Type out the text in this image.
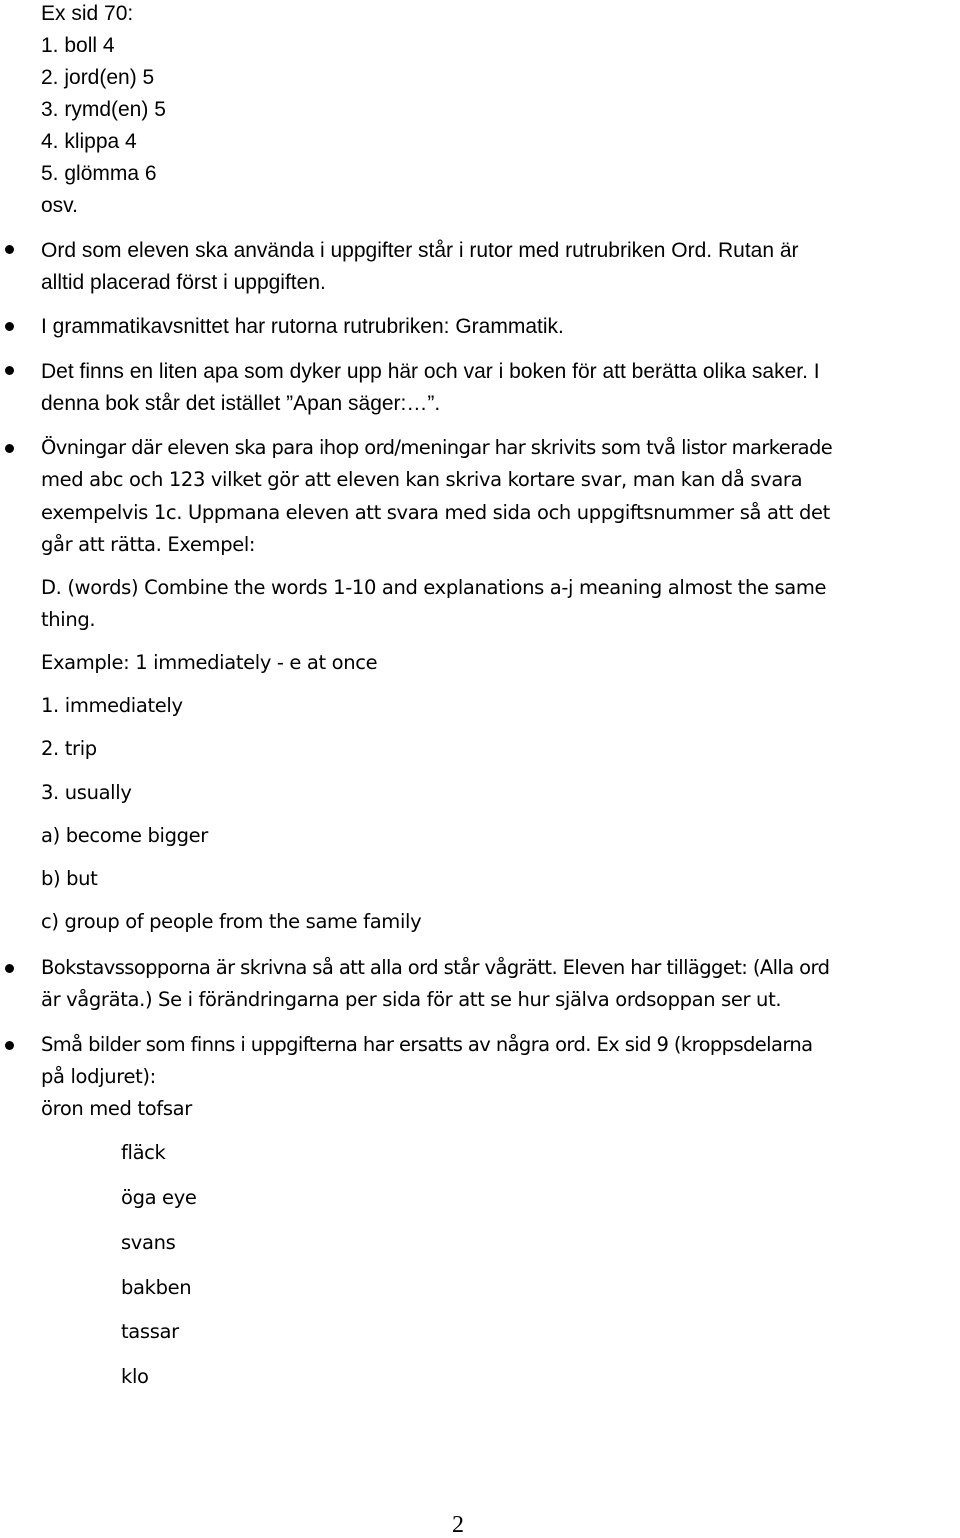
Ex sid 70:
1. boll 4
2. jord(en) 5
3. rymd(en) 5
4. klippa 4
5. glömma 6
osv.
Ord som eleven ska använda i uppgifter står i rutor med rutrubriken Ord. Rutan är
alltid placerad först i uppgiften.
I grammatikavsnittet har rutorna rutrubriken: Grammatik.
Det finns en liten apa som dyker upp här och var i boken för att berätta olika saker. I
denna bok står det istället ”Apan säger:…”.
Övningar där eleven ska para ihop ord/meningar har skrivits som två listor markerade
med abc och 123 vilket gör att eleven kan skriva kortare svar, man kan då svara
exempelvis 1c. Uppmana eleven att svara med sida och uppgiftsnummer så att det
går att rätta. Exempel:
D. (words) Combine the words 1-10 and explanations a-j meaning almost the same
thing.
Example: 1 immediately - e at once
1. immediately
2. trip
3. usually
a) become bigger
b) but
c) group of people from the same family
Bokstavssopporna är skrivna så att alla ord står vågrätt. Eleven har tillägget: (Alla ord
är vågräta.) Se i förändringarna per sida för att se hur själva ordsoppan ser ut.
Små bilder som finns i uppgifterna har ersatts av några ord. Ex sid 9 (kroppsdelarna
på lodjuret):
öron med tofsar
fläck
öga eye
svans
bakben
tassar
klo
2
